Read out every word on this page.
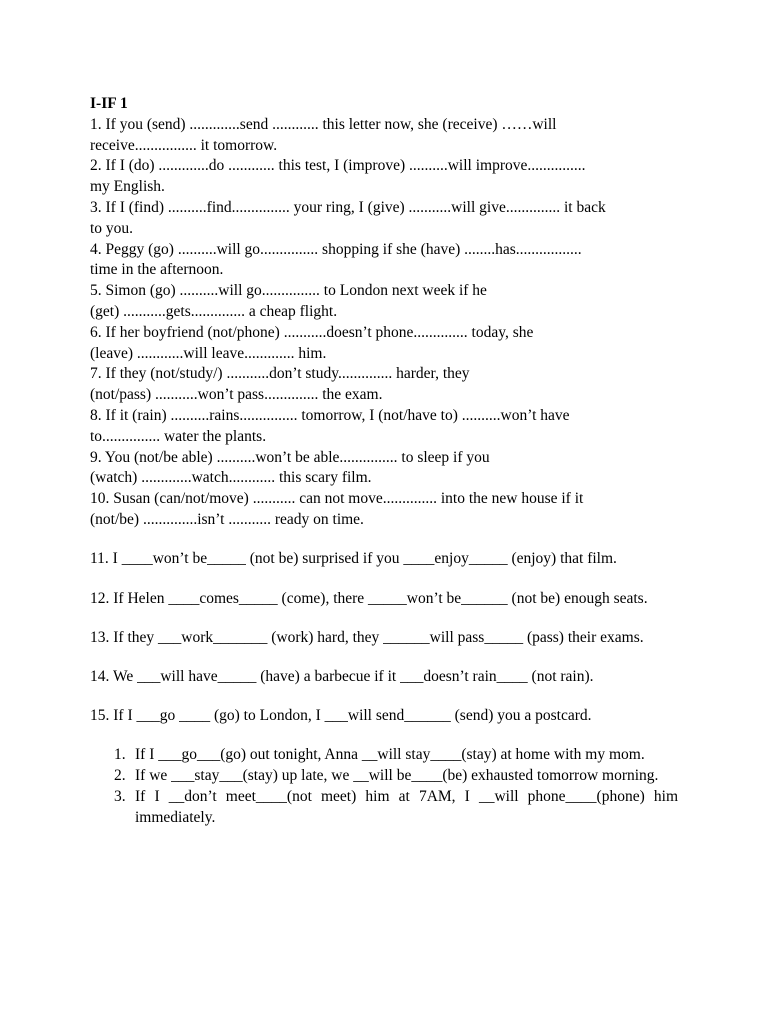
I-IF 1
1. If you (send) .............send ............ this letter now, she (receive) ……will
receive................ it tomorrow.
2. If I (do) .............do ............ this test, I (improve) ..........will improve...............
my English.
3. If I (find) ..........find............... your ring, I (give) ...........will give.............. it back
to you.
4. Peggy (go) ..........will go............... shopping if she (have) ........has.................
time in the afternoon.
5. Simon (go) ..........will go............... to London next week if he
(get) ...........gets.............. a cheap flight.
6. If her boyfriend (not/phone) ...........doesn’t phone.............. today, she
(leave) ............will leave............. him.
7. If they (not/study/) ...........don’t study.............. harder, they
(not/pass) ...........won’t pass.............. the exam.
8. If it (rain) ..........rains............... tomorrow, I (not/have to) ..........won’t have
to............... water the plants.
9. You (not/be able) ..........won’t be able............... to sleep if you
(watch) .............watch............ this scary film.
10. Susan (can/not/move) ........... can not move.............. into the new house if it
(not/be) ..............isn’t ........... ready on time.
11. I ____won’t be_____ (not be) surprised if you ____enjoy_____ (enjoy) that film.
12. If Helen ____comes_____ (come), there _____won’t be______ (not be) enough seats.
13. If they ___work_______ (work) hard, they ______will pass_____ (pass) their exams.
14. We ___will have_____ (have) a barbecue if it ___doesn’t rain____ (not rain).
15. If I ___go ____ (go) to London, I ___will send______ (send) you a postcard.
1. If I ___go___(go) out tonight, Anna __will stay____(stay) at home with my mom.
2. If we ___stay___(stay) up late, we __will be____(be) exhausted tomorrow morning.
3. If I __don’t meet____(not meet) him at 7AM, I __will phone____(phone) him immediately.
